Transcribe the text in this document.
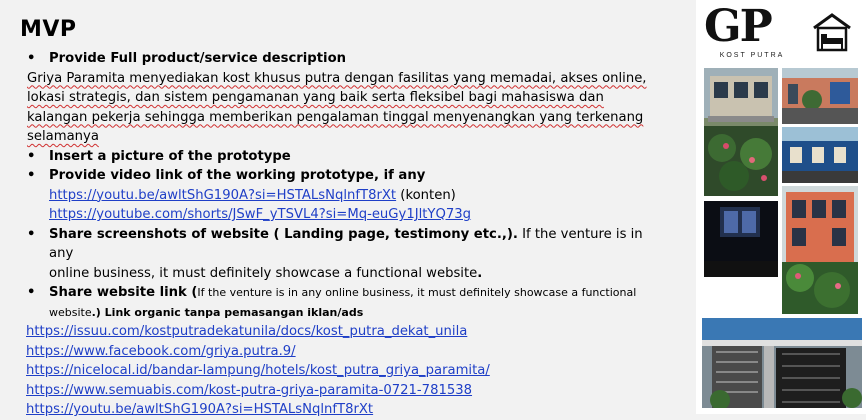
MVP
• Provide Full product/service description
Griya Paramita menyediakan kost khusus putra dengan fasilitas yang memadai, akses online,
lokasi strategis, dan sistem pengamanan yang baik serta fleksibel bagi mahasiswa dan
kalangan pekerja sehingga memberikan pengalaman tinggal menyenangkan yang terkenang
selamanya
• Insert a picture of the prototype
• Provide video link of the working prototype, if any
https://youtu.be/awltShG190A?si=HSTALsNqlnfT8rXt (konten)
https://youtube.com/shorts/JSwF_yTSVL4?si=Mq-euGy1JltYQ73g
• Share screenshots of website ( Landing page, testimony etc.,). If the venture is in any
online business, it must definitely showcase a functional website.
• Share website link (If the venture is in any online business, it must definitely showcase a functional
website.) Link organic tanpa pemasangan iklan/ads
https://issuu.com/kostputradekatunila/docs/kost_putra_dekat_unila
https://www.facebook.com/griya.putra.9/
https://nicelocal.id/bandar-lampung/hotels/kost_putra_griya_paramita/
https://www.semuabis.com/kost-putra-griya-paramita-0721-781538
https://youtu.be/awltShG190A?si=HSTALsNqlnfT8rXt
GP
KOST PUTRA
